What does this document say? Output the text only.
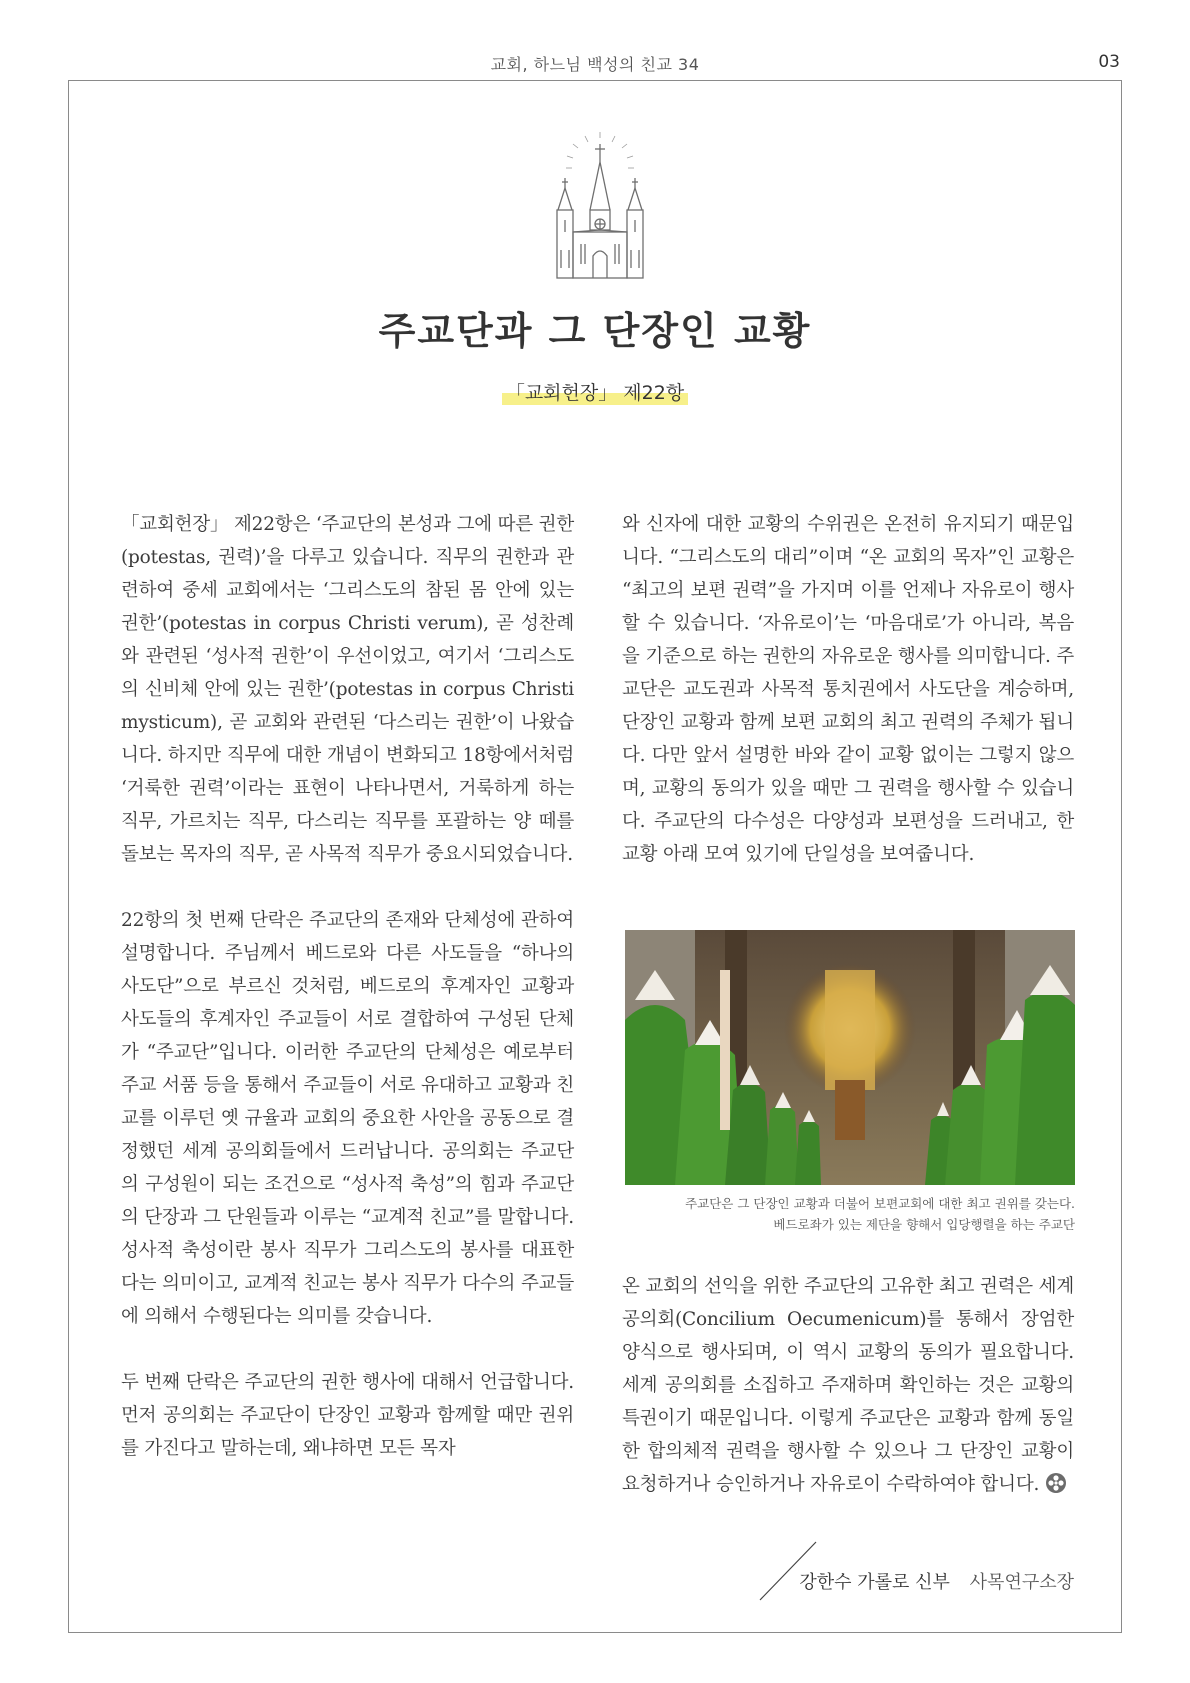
교회, 하느님 백성의 친교 34	03
주교단과 그 단장인 교황
「교회헌장」 제22항

「교회헌장」 제22항은 ‘주교단의 본성과 그에 따른 권한(potestas, 권력)’을 다루고 있습니다. 직무의 권한과 관련하여 중세 교회에서는 ‘그리스도의 참된 몸 안에 있는 권한’(potestas in corpus Christi verum), 곧 성찬례와 관련된 ‘성사적 권한’이 우선이었고, 여기서 ‘그리스도의 신비체 안에 있는 권한’(potestas in corpus Christi mysticum), 곧 교회와 관련된 ‘다스리는 권한’이 나왔습니다. 하지만 직무에 대한 개념이 변화되고 18항에서처럼 ‘거룩한 권력’이라는 표현이 나타나면서, 거룩하게 하는 직무, 가르치는 직무, 다스리는 직무를 포괄하는 양 떼를 돌보는 목자의 직무, 곧 사목적 직무가 중요시되었습니다.

22항의 첫 번째 단락은 주교단의 존재와 단체성에 관하여 설명합니다. 주님께서 베드로와 다른 사도들을 “하나의 사도단”으로 부르신 것처럼, 베드로의 후계자인 교황과 사도들의 후계자인 주교들이 서로 결합하여 구성된 단체가 “주교단”입니다. 이러한 주교단의 단체성은 예로부터 주교 서품 등을 통해서 주교들이 서로 유대하고 교황과 친교를 이루던 옛 규율과 교회의 중요한 사안을 공동으로 결정했던 세계 공의회들에서 드러납니다. 공의회는 주교단의 구성원이 되는 조건으로 “성사적 축성”의 힘과 주교단의 단장과 그 단원들과 이루는 “교계적 친교”를 말합니다. 성사적 축성이란 봉사 직무가 그리스도의 봉사를 대표한다는 의미이고, 교계적 친교는 봉사 직무가 다수의 주교들에 의해서 수행된다는 의미를 갖습니다.

두 번째 단락은 주교단의 권한 행사에 대해서 언급합니다. 먼저 공의회는 주교단이 단장인 교황과 함께할 때만 권위를 가진다고 말하는데, 왜냐하면 모든 목자

와 신자에 대한 교황의 수위권은 온전히 유지되기 때문입니다. “그리스도의 대리”이며 “온 교회의 목자”인 교황은 “최고의 보편 권력”을 가지며 이를 언제나 자유로이 행사할 수 있습니다. ‘자유로이’는 ‘마음대로’가 아니라, 복음을 기준으로 하는 권한의 자유로운 행사를 의미합니다. 주교단은 교도권과 사목적 통치권에서 사도단을 계승하며, 단장인 교황과 함께 보편 교회의 최고 권력의 주체가 됩니다. 다만 앞서 설명한 바와 같이 교황 없이는 그렇지 않으며, 교황의 동의가 있을 때만 그 권력을 행사할 수 있습니다. 주교단의 다수성은 다양성과 보편성을 드러내고, 한 교황 아래 모여 있기에 단일성을 보여줍니다.

주교단은 그 단장인 교황과 더불어 보편교회에 대한 최고 권위를 갖는다.
베드로좌가 있는 제단을 향해서 입당행렬을 하는 주교단

온 교회의 선익을 위한 주교단의 고유한 최고 권력은 세계 공의회(Concilium Oecumenicum)를 통해서 장엄한 양식으로 행사되며, 이 역시 교황의 동의가 필요합니다. 세계 공의회를 소집하고 주재하며 확인하는 것은 교황의 특권이기 때문입니다. 이렇게 주교단은 교황과 함께 동일한 합의체적 권력을 행사할 수 있으나 그 단장인 교황이 요청하거나 승인하거나 자유로이 수락하여야 합니다.

강한수 가롤로 신부 사목연구소장
